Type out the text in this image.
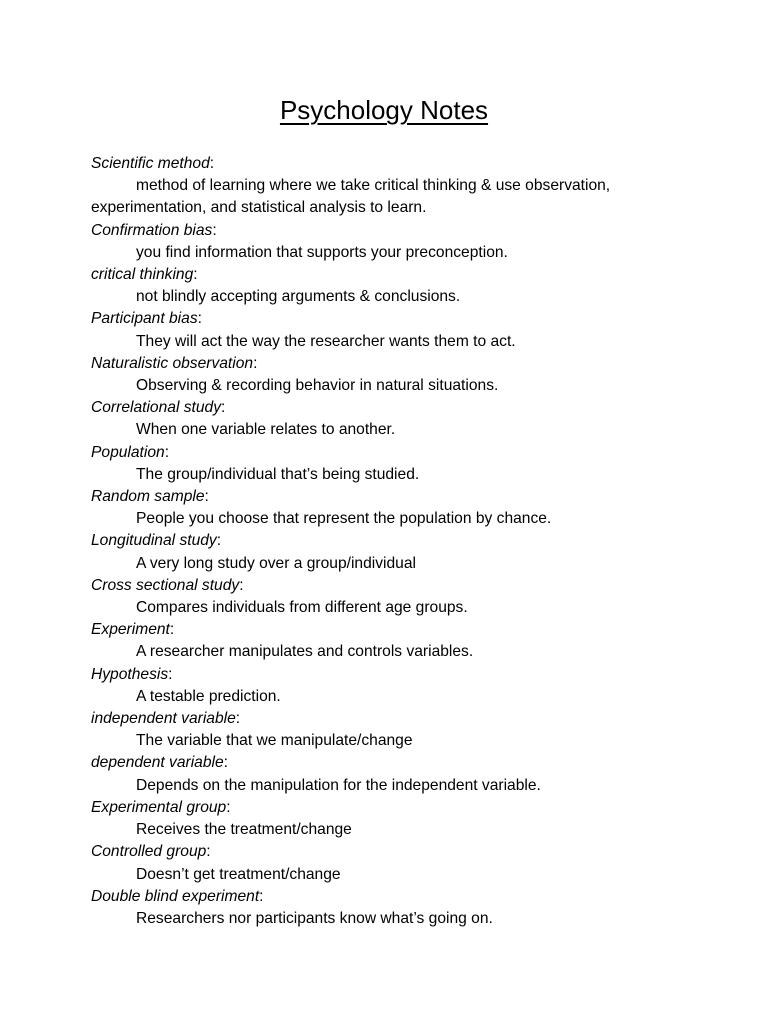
Psychology Notes
Scientific method:
method of learning where we take critical thinking & use observation,
experimentation, and statistical analysis to learn.
Confirmation bias:
you find information that supports your preconception.
critical thinking:
not blindly accepting arguments & conclusions.
Participant bias:
They will act the way the researcher wants them to act.
Naturalistic observation:
Observing & recording behavior in natural situations.
Correlational study:
When one variable relates to another.
Population:
The group/individual that’s being studied.
Random sample:
People you choose that represent the population by chance.
Longitudinal study:
A very long study over a group/individual
Cross sectional study:
Compares individuals from different age groups.
Experiment:
A researcher manipulates and controls variables.
Hypothesis:
A testable prediction.
independent variable:
The variable that we manipulate/change
dependent variable:
Depends on the manipulation for the independent variable.
Experimental group:
Receives the treatment/change
Controlled group:
Doesn’t get treatment/change
Double blind experiment:
Researchers nor participants know what’s going on.
